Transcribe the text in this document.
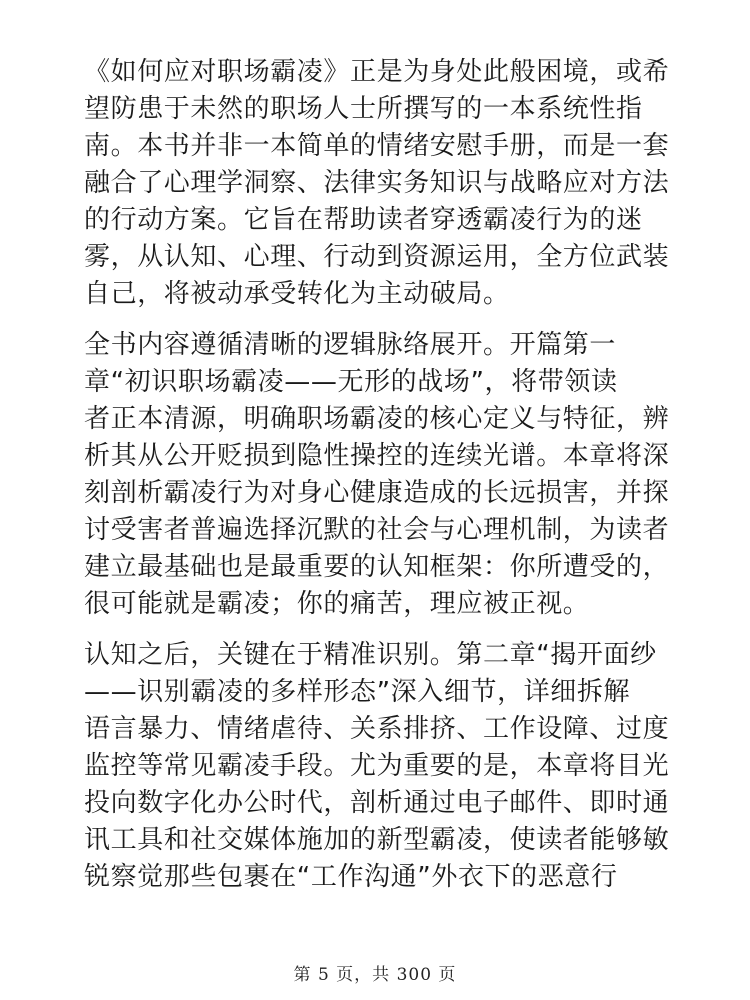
《如何应对职场霸凌》正是为身处此般困境，或希
望防患于未然的职场人士所撰写的一本系统性指
南。本书并非一本简单的情绪安慰手册，而是一套
融合了心理学洞察、法律实务知识与战略应对方法
的行动方案。它旨在帮助读者穿透霸凌行为的迷
雾，从认知、心理、行动到资源运用，全方位武装
自己，将被动承受转化为主动破局。
全书内容遵循清晰的逻辑脉络展开。开篇第一
章“初识职场霸凌——无形的战场”，将带领读
者正本清源，明确职场霸凌的核心定义与特征，辨
析其从公开贬损到隐性操控的连续光谱。本章将深
刻剖析霸凌行为对身心健康造成的长远损害，并探
讨受害者普遍选择沉默的社会与心理机制，为读者
建立最基础也是最重要的认知框架：你所遭受的，
很可能就是霸凌；你的痛苦，理应被正视。
认知之后，关键在于精准识别。第二章“揭开面纱
——识别霸凌的多样形态”深入细节，详细拆解
语言暴力、情绪虐待、关系排挤、工作设障、过度
监控等常见霸凌手段。尤为重要的是，本章将目光
投向数字化办公时代，剖析通过电子邮件、即时通
讯工具和社交媒体施加的新型霸凌，使读者能够敏
锐察觉那些包裹在“工作沟通”外衣下的恶意行
第 5 页，共 300 页
